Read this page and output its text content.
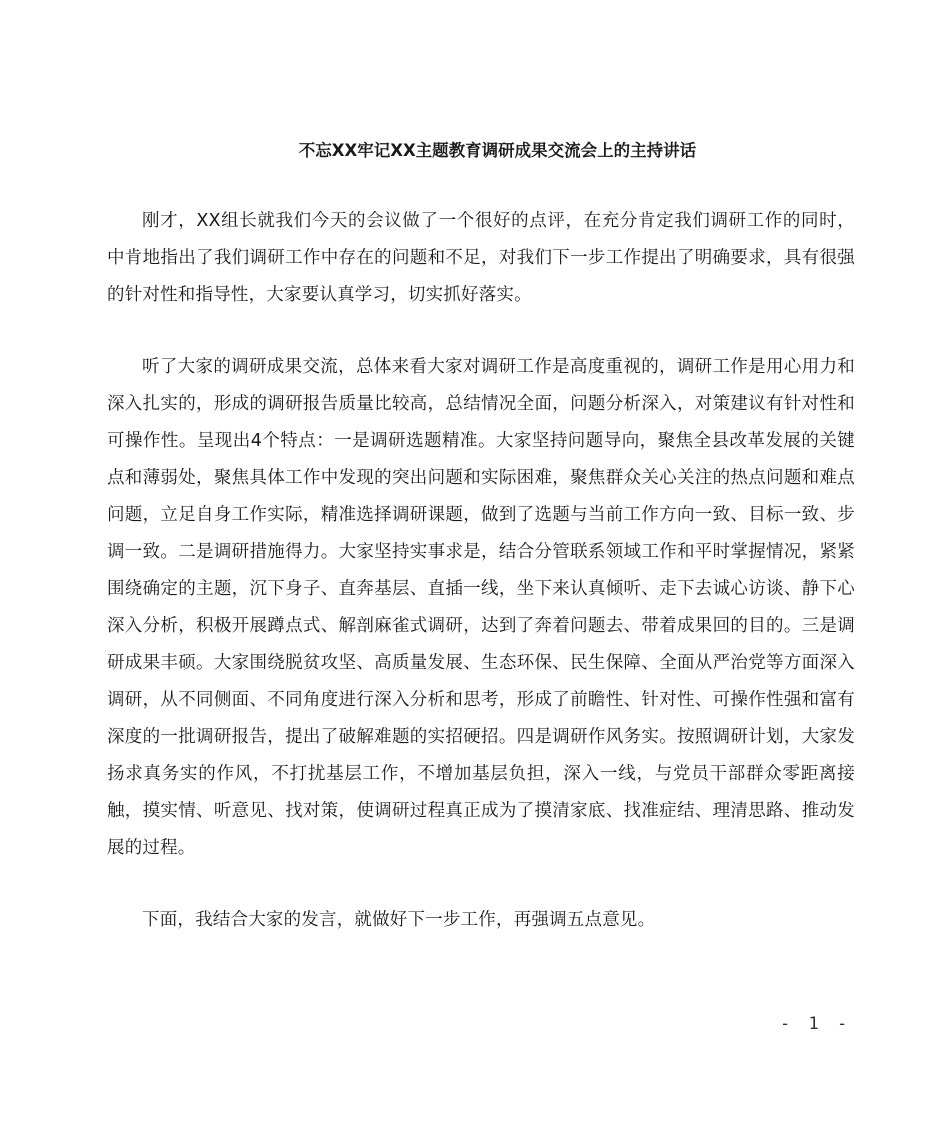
不忘XX牢记XX主题教育调研成果交流会上的主持讲话

刚才，XX组长就我们今天的会议做了一个很好的点评，在充分肯定我们调研工作的同时，中肯地指出了我们调研工作中存在的问题和不足，对我们下一步工作提出了明确要求，具有很强的针对性和指导性，大家要认真学习，切实抓好落实。

听了大家的调研成果交流，总体来看大家对调研工作是高度重视的，调研工作是用心用力和深入扎实的，形成的调研报告质量比较高，总结情况全面，问题分析深入，对策建议有针对性和可操作性。呈现出4个特点：一是调研选题精准。大家坚持问题导向，聚焦全县改革发展的关键点和薄弱处，聚焦具体工作中发现的突出问题和实际困难，聚焦群众关心关注的热点问题和难点问题，立足自身工作实际，精准选择调研课题，做到了选题与当前工作方向一致、目标一致、步调一致。二是调研措施得力。大家坚持实事求是，结合分管联系领域工作和平时掌握情况，紧紧围绕确定的主题，沉下身子、直奔基层、直插一线，坐下来认真倾听、走下去诚心访谈、静下心深入分析，积极开展蹲点式、解剖麻雀式调研，达到了奔着问题去、带着成果回的目的。三是调研成果丰硕。大家围绕脱贫攻坚、高质量发展、生态环保、民生保障、全面从严治党等方面深入调研，从不同侧面、不同角度进行深入分析和思考，形成了前瞻性、针对性、可操作性强和富有深度的一批调研报告，提出了破解难题的实招硬招。四是调研作风务实。按照调研计划，大家发扬求真务实的作风，不打扰基层工作，不增加基层负担，深入一线，与党员干部群众零距离接触，摸实情、听意见、找对策，使调研过程真正成为了摸清家底、找准症结、理清思路、推动发展的过程。

下面，我结合大家的发言，就做好下一步工作，再强调五点意见。

- 1 -
